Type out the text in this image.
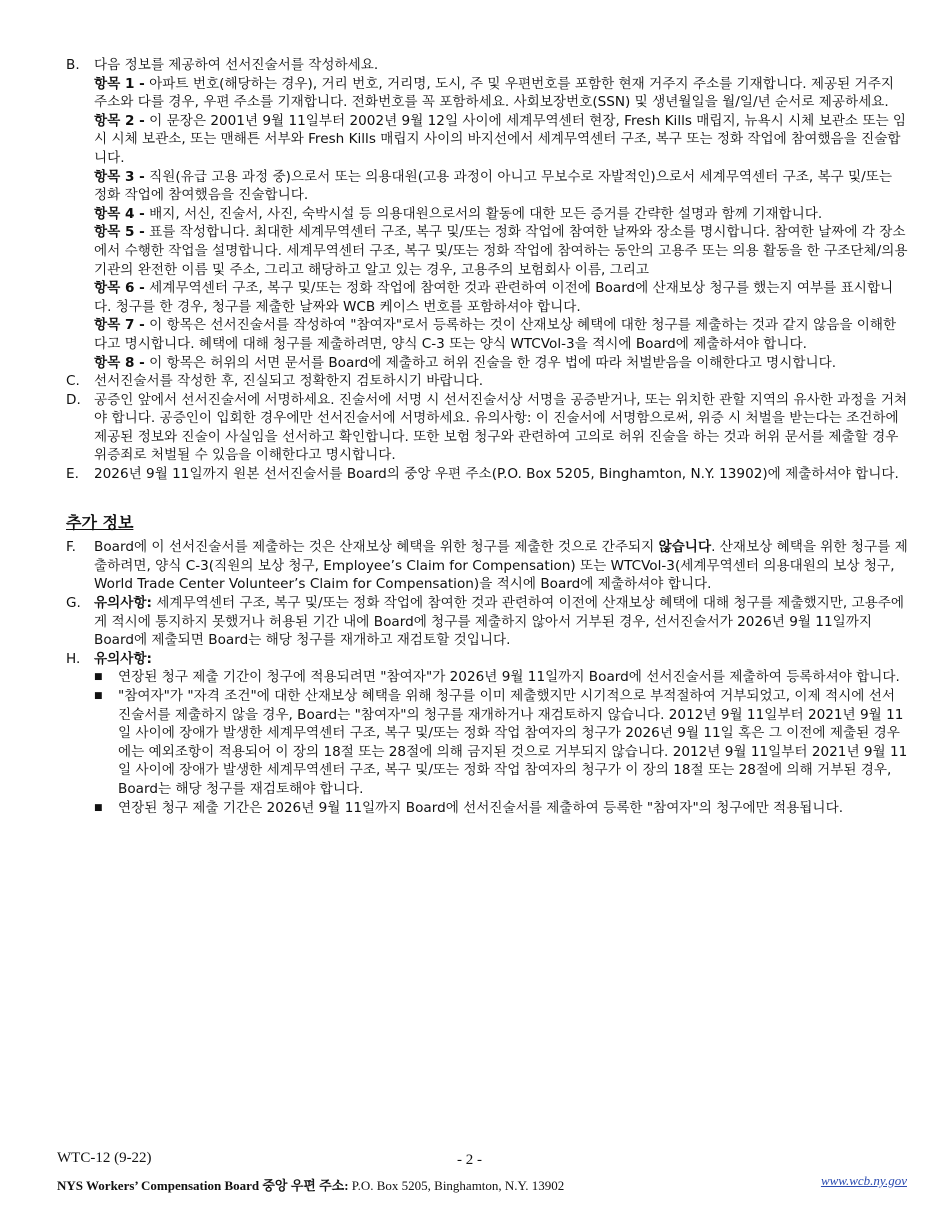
B.	다음 정보를 제공하여 선서진술서를 작성하세요.
항목 1 - 아파트 번호(해당하는 경우), 거리 번호, 거리명, 도시, 주 및 우편번호를 포함한 현재 거주지 주소를 기재합니다. 제공된 거주지 주소와 다를 경우, 우편 주소를 기재합니다. 전화번호를 꼭 포함하세요. 사회보장번호(SSN) 및 생년월일을 월/일/년 순서로 제공하세요.
항목 2 - 이 문장은 2001년 9월 11일부터 2002년 9월 12일 사이에 세계무역센터 현장, Fresh Kills 매립지, 뉴욕시 시체 보관소 또는 임시 시체 보관소, 또는 맨해튼 서부와 Fresh Kills 매립지 사이의 바지선에서 세계무역센터 구조, 복구 또는 정화 작업에 참여했음을 진술합니다.
항목 3 - 직원(유급 고용 과정 중)으로서 또는 의용대원(고용 과정이 아니고 무보수로 자발적인)으로서 세계무역센터 구조, 복구 및/또는 정화 작업에 참여했음을 진술합니다.
항목 4 - 배지, 서신, 진술서, 사진, 숙박시설 등 의용대원으로서의 활동에 대한 모든 증거를 간략한 설명과 함께 기재합니다.
항목 5 - 표를 작성합니다. 최대한 세계무역센터 구조, 복구 및/또는 정화 작업에 참여한 날짜와 장소를 명시합니다. 참여한 날짜에 각 장소에서 수행한 작업을 설명합니다. 세계무역센터 구조, 복구 및/또는 정화 작업에 참여하는 동안의 고용주 또는 의용 활동을 한 구조단체/의용기관의 완전한 이름 및 주소, 그리고 해당하고 알고 있는 경우, 고용주의 보험회사 이름, 그리고
항목 6 - 세계무역센터 구조, 복구 및/또는 정화 작업에 참여한 것과 관련하여 이전에 Board에 산재보상 청구를 했는지 여부를 표시합니다. 청구를 한 경우, 청구를 제출한 날짜와 WCB 케이스 번호를 포함하셔야 합니다.
항목 7 - 이 항목은 선서진술서를 작성하여 "참여자"로서 등록하는 것이 산재보상 혜택에 대한 청구를 제출하는 것과 같지 않음을 이해한다고 명시합니다. 혜택에 대해 청구를 제출하려면, 양식 C-3 또는 양식 WTCVol-3을 적시에 Board에 제출하셔야 합니다.
항목 8 - 이 항목은 허위의 서면 문서를 Board에 제출하고 허위 진술을 한 경우 법에 따라 처벌받음을 이해한다고 명시합니다.
C.	선서진술서를 작성한 후, 진실되고 정확한지 검토하시기 바랍니다.
D. 공증인 앞에서 선서진술서에 서명하세요. 진술서에 서명 시 선서진술서상 서명을 공증받거나, 또는 위치한 관할 지역의 유사한 과정을 거쳐야 합니다. 공증인이 입회한 경우에만 선서진술서에 서명하세요. 유의사항: 이 진술서에 서명함으로써, 위증 시 처벌을 받는다는 조건하에 제공된 정보와 진술이 사실임을 선서하고 확인합니다. 또한 보험 청구와 관련하여 고의로 허위 진술을 하는 것과 허위 문서를 제출할 경우 위증죄로 처벌될 수 있음을 이해한다고 명시합니다.
E.	2026년 9월 11일까지 원본 선서진술서를 Board의 중앙 우편 주소(P.O. Box 5205, Binghamton, N.Y. 13902)에 제출하셔야 합니다.
추가 정보
F.	Board에 이 선서진술서를 제출하는 것은 산재보상 혜택을 위한 청구를 제출한 것으로 간주되지 않습니다. 산재보상 혜택을 위한 청구를 제출하려면, 양식 C-3(직원의 보상 청구, Employee’s Claim for Compensation) 또는 WTCVol-3(세계무역센터 의용대원의 보상 청구, World Trade Center Volunteer’s Claim for Compensation)을 적시에 Board에 제출하셔야 합니다.
G. 유의사항: 세계무역센터 구조, 복구 및/또는 정화 작업에 참여한 것과 관련하여 이전에 산재보상 혜택에 대해 청구를 제출했지만, 고용주에게 적시에 통지하지 못했거나 허용된 기간 내에 Board에 청구를 제출하지 않아서 거부된 경우, 선서진술서가 2026년 9월 11일까지 Board에 제출되면 Board는 해당 청구를 재개하고 재검토할 것입니다.
H.	유의사항:
■	연장된 청구 제출 기간이 청구에 적용되려면 "참여자"가 2026년 9월 11일까지 Board에 선서진술서를 제출하여 등록하셔야 합니다.
■	"참여자"가 "자격 조건"에 대한 산재보상 혜택을 위해 청구를 이미 제출했지만 시기적으로 부적절하여 거부되었고, 이제 적시에 선서진술서를 제출하지 않을 경우, Board는 "참여자"의 청구를 재개하거나 재검토하지 않습니다. 2012년 9월 11일부터 2021년 9월 11일 사이에 장애가 발생한 세계무역센터 구조, 복구 및/또는 정화 작업 참여자의 청구가 2026년 9월 11일 혹은 그 이전에 제출된 경우에는 예외조항이 적용되어 이 장의 18절 또는 28절에 의해 금지된 것으로 거부되지 않습니다. 2012년 9월 11일부터 2021년 9월 11일 사이에 장애가 발생한 세계무역센터 구조, 복구 및/또는 정화 작업 참여자의 청구가 이 장의 18절 또는 28절에 의해 거부된 경우, Board는 해당 청구를 재검토해야 합니다.
■	연장된 청구 제출 기간은 2026년 9월 11일까지 Board에 선서진술서를 제출하여 등록한 "참여자"의 청구에만 적용됩니다.
WTC-12 (9-22)	- 2 -
NYS Workers’ Compensation Board 중앙 우편 주소: P.O. Box 5205, Binghamton, N.Y. 13902	www.wcb.ny.gov
